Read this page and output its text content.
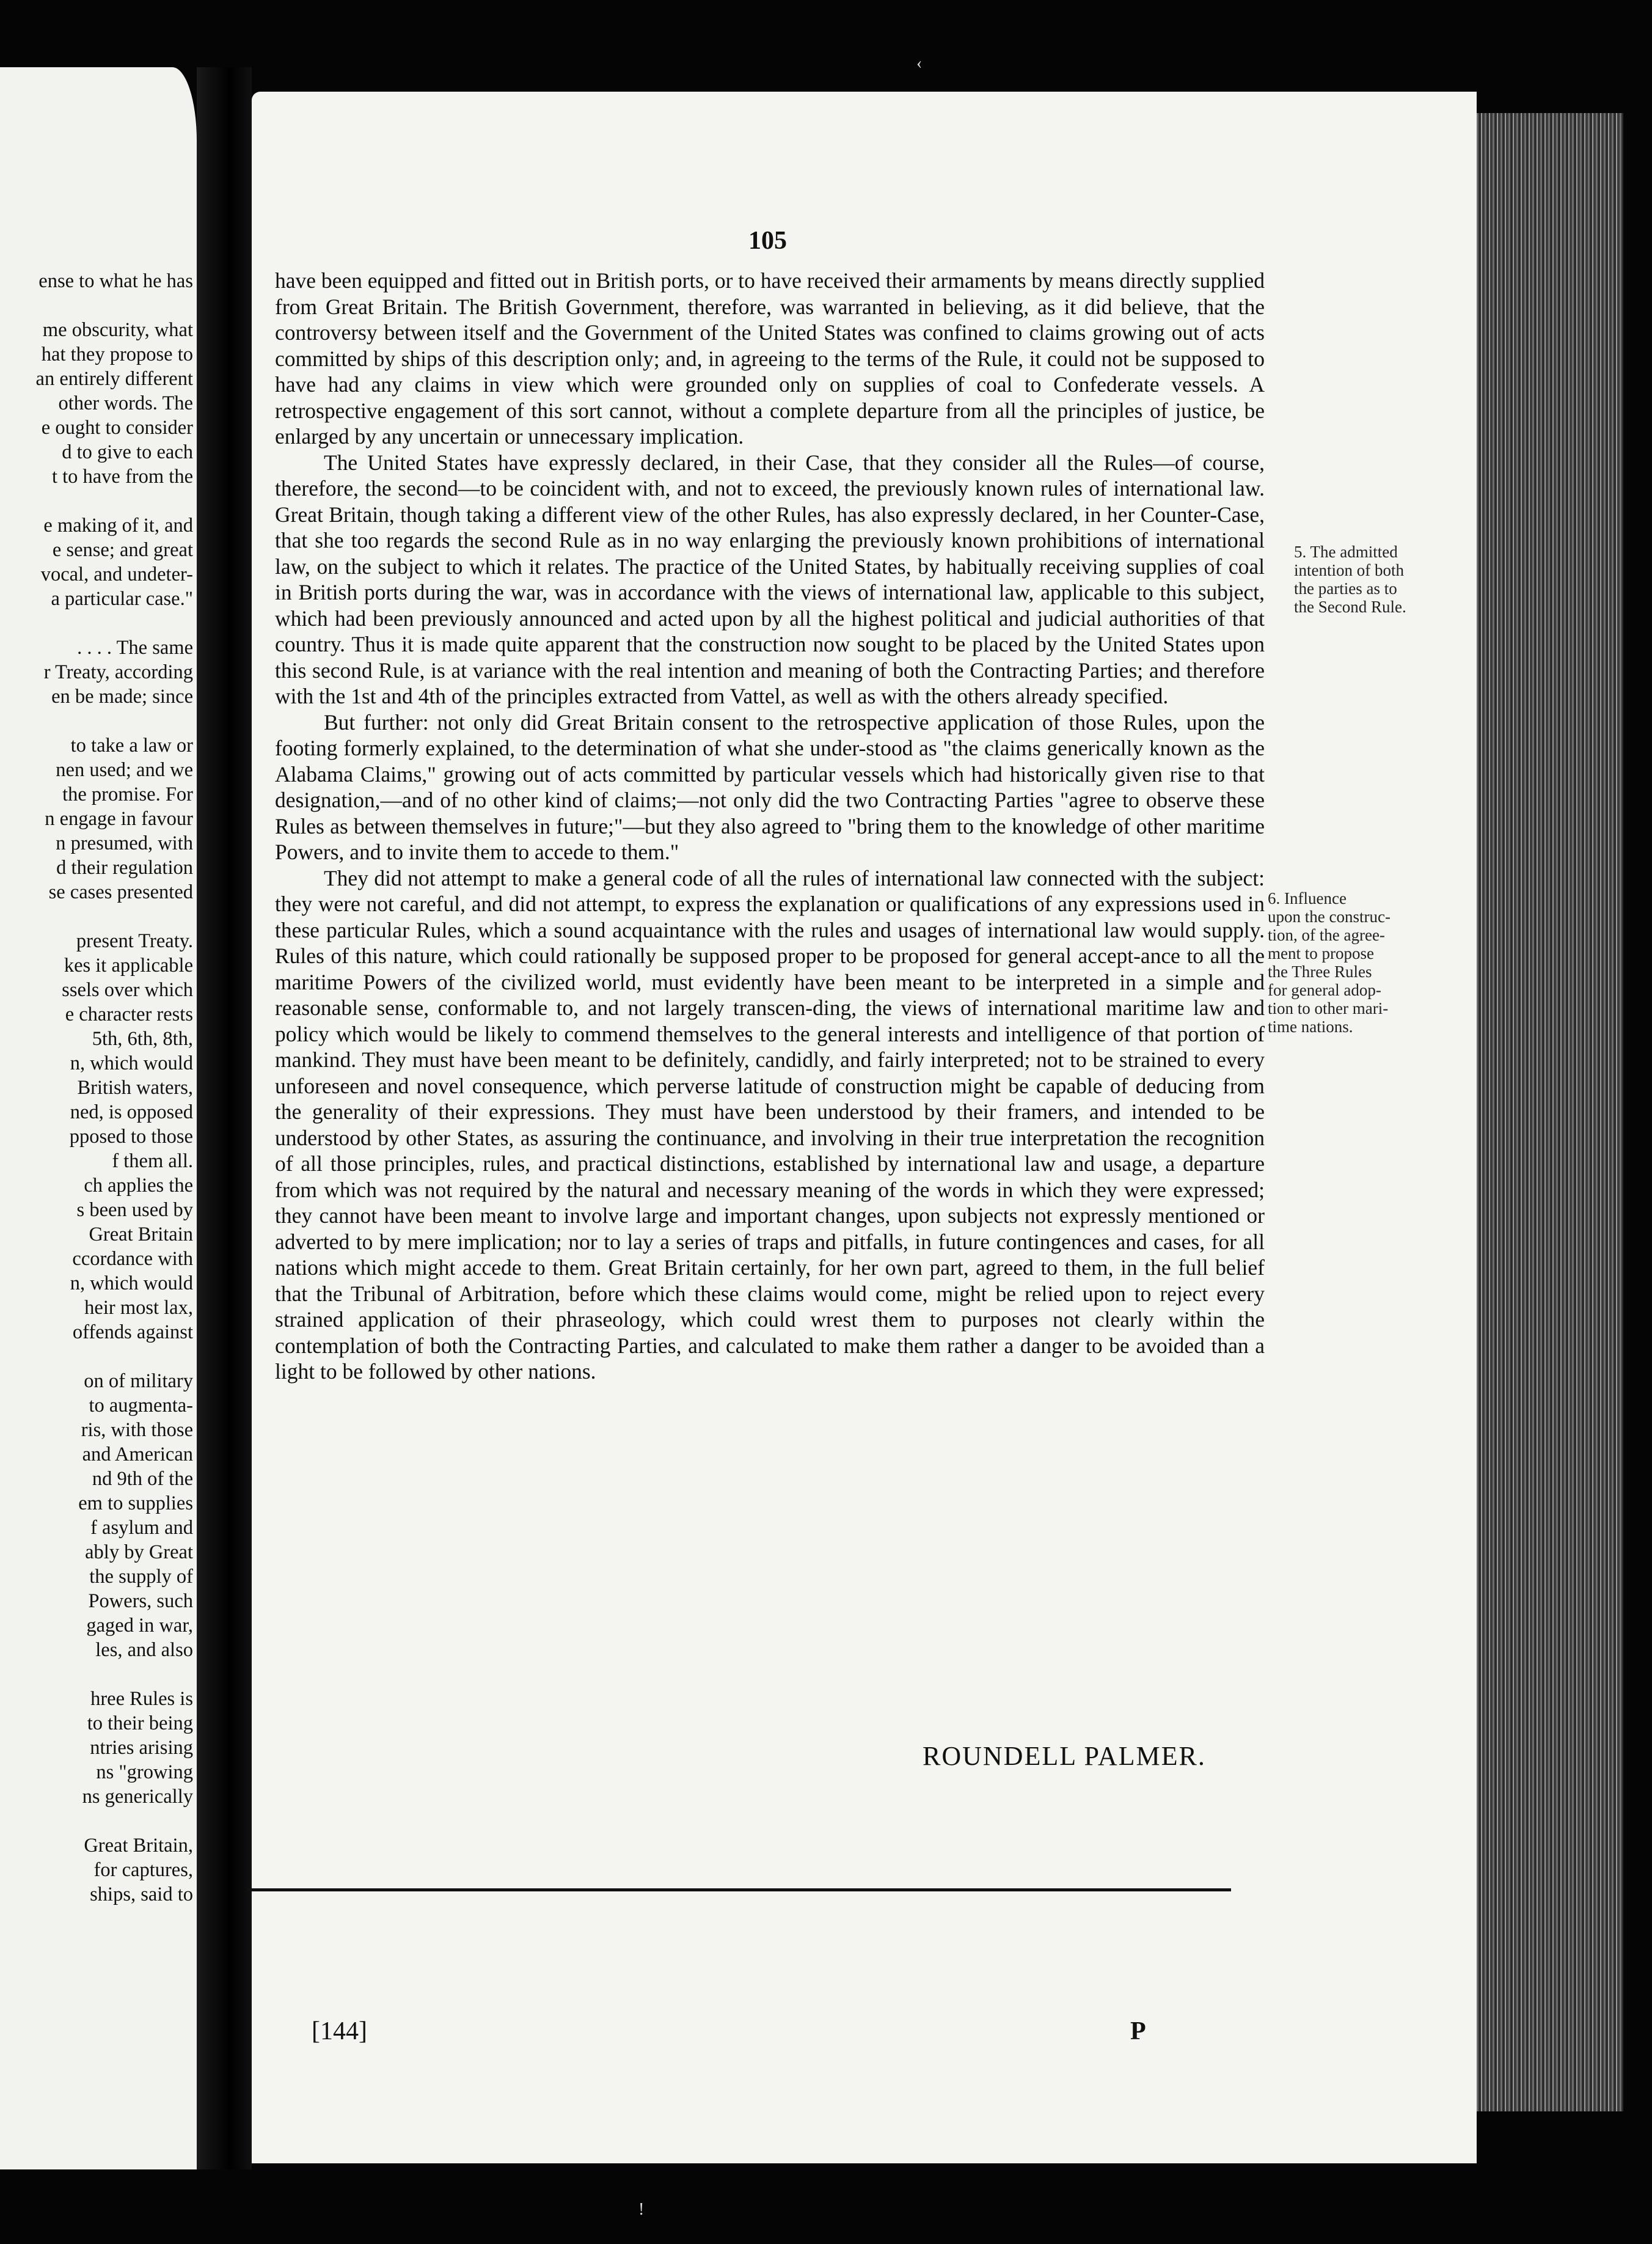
ense to what he has
me obscurity, what
hat they propose to
an entirely different
other words. The
e ought to consider
d to give to each
t to have from the
e making of it, and
e sense; and great
vocal, and undeter-
a particular case."
. . . . The same
r Treaty, according
en be made; since
to take a law or
nen used; and we
the promise. For
n engage in favour
n presumed, with
d their regulation
se cases presented
present Treaty.
kes it applicable
ssels over which
e character rests
5th, 6th, 8th,
n, which would
British waters,
ned, is opposed
pposed to those
f them all.
ch applies the
s been used by
Great Britain
ccordance with
n, which would
heir most lax,
offends against
on of military
to augmenta-
ris, with those
and American
nd 9th of the
em to supplies
f asylum and
ably by Great
the supply of
Powers, such
gaged in war,
les, and also
hree Rules is
to their being
ntries arising
ns "growing
ns generically
Great Britain,
for captures,
ships, said to
‹
!
105

have been equipped and fitted out in British ports, or to have received their armaments by means directly supplied from Great Britain. The British Government, therefore, was warranted in believing, as it did believe, that the controversy between itself and the Government of the United States was confined to claims growing out of acts committed by ships of this description only; and, in agreeing to the terms of the Rule, it could not be supposed to have had any claims in view which were grounded only on supplies of coal to Confederate vessels. A retrospective engagement of this sort cannot, without a complete departure from all the principles of justice, be enlarged by any uncertain or unnecessary implication.

The United States have expressly declared, in their Case, that they consider all the Rules—of course, therefore, the second—to be coincident with, and not to exceed, the previously known rules of international law. Great Britain, though taking a different view of the other Rules, has also expressly declared, in her Counter-Case, that she too regards the second Rule as in no way enlarging the previously known prohibitions of international law, on the subject to which it relates. The practice of the United States, by habitually receiving supplies of coal in British ports during the war, was in accordance with the views of international law, applicable to this subject, which had been previously announced and acted upon by all the highest political and judicial authorities of that country. Thus it is made quite apparent that the construction now sought to be placed by the United States upon this second Rule, is at variance with the real intention and meaning of both the Contracting Parties; and therefore with the 1st and 4th of the principles extracted from Vattel, as well as with the others already specified.

But further: not only did Great Britain consent to the retrospective application of those Rules, upon the footing formerly explained, to the determination of what she under-stood as "the claims generically known as the Alabama Claims," growing out of acts committed by particular vessels which had historically given rise to that designation,—and of no other kind of claims;—not only did the two Contracting Parties "agree to observe these Rules as between themselves in future;"—but they also agreed to "bring them to the knowledge of other maritime Powers, and to invite them to accede to them."

They did not attempt to make a general code of all the rules of international law connected with the subject: they were not careful, and did not attempt, to express the explanation or qualifications of any expressions used in these particular Rules, which a sound acquaintance with the rules and usages of international law would supply. Rules of this nature, which could rationally be supposed proper to be proposed for general accept-ance to all the maritime Powers of the civilized world, must evidently have been meant to be interpreted in a simple and reasonable sense, conformable to, and not largely transcen-ding, the views of international maritime law and policy which would be likely to commend themselves to the general interests and intelligence of that portion of mankind. They must have been meant to be definitely, candidly, and fairly interpreted; not to be strained to every unforeseen and novel consequence, which perverse latitude of construction might be capable of deducing from the generality of their expressions. They must have been understood by their framers, and intended to be understood by other States, as assuring the continuance, and involving in their true interpretation the recognition of all those principles, rules, and practical distinctions, established by international law and usage, a departure from which was not required by the natural and necessary meaning of the words in which they were expressed; they cannot have been meant to involve large and important changes, upon subjects not expressly mentioned or adverted to by mere implication; nor to lay a series of traps and pitfalls, in future contingences and cases, for all nations which might accede to them. Great Britain certainly, for her own part, agreed to them, in the full belief that the Tribunal of Arbitration, before which these claims would come, might be relied upon to reject every strained application of their phraseology, which could wrest them to purposes not clearly within the contemplation of both the Contracting Parties, and calculated to make them rather a danger to be avoided than a light to be followed by other nations.

5. The admitted
intention of both
the parties as to
the Second Rule.
6. Influence
upon the construc-
tion, of the agree-
ment to propose
the Three Rules
for general adop-
tion to other mari-
time nations.
ROUNDELL PALMER.
[144]	P
